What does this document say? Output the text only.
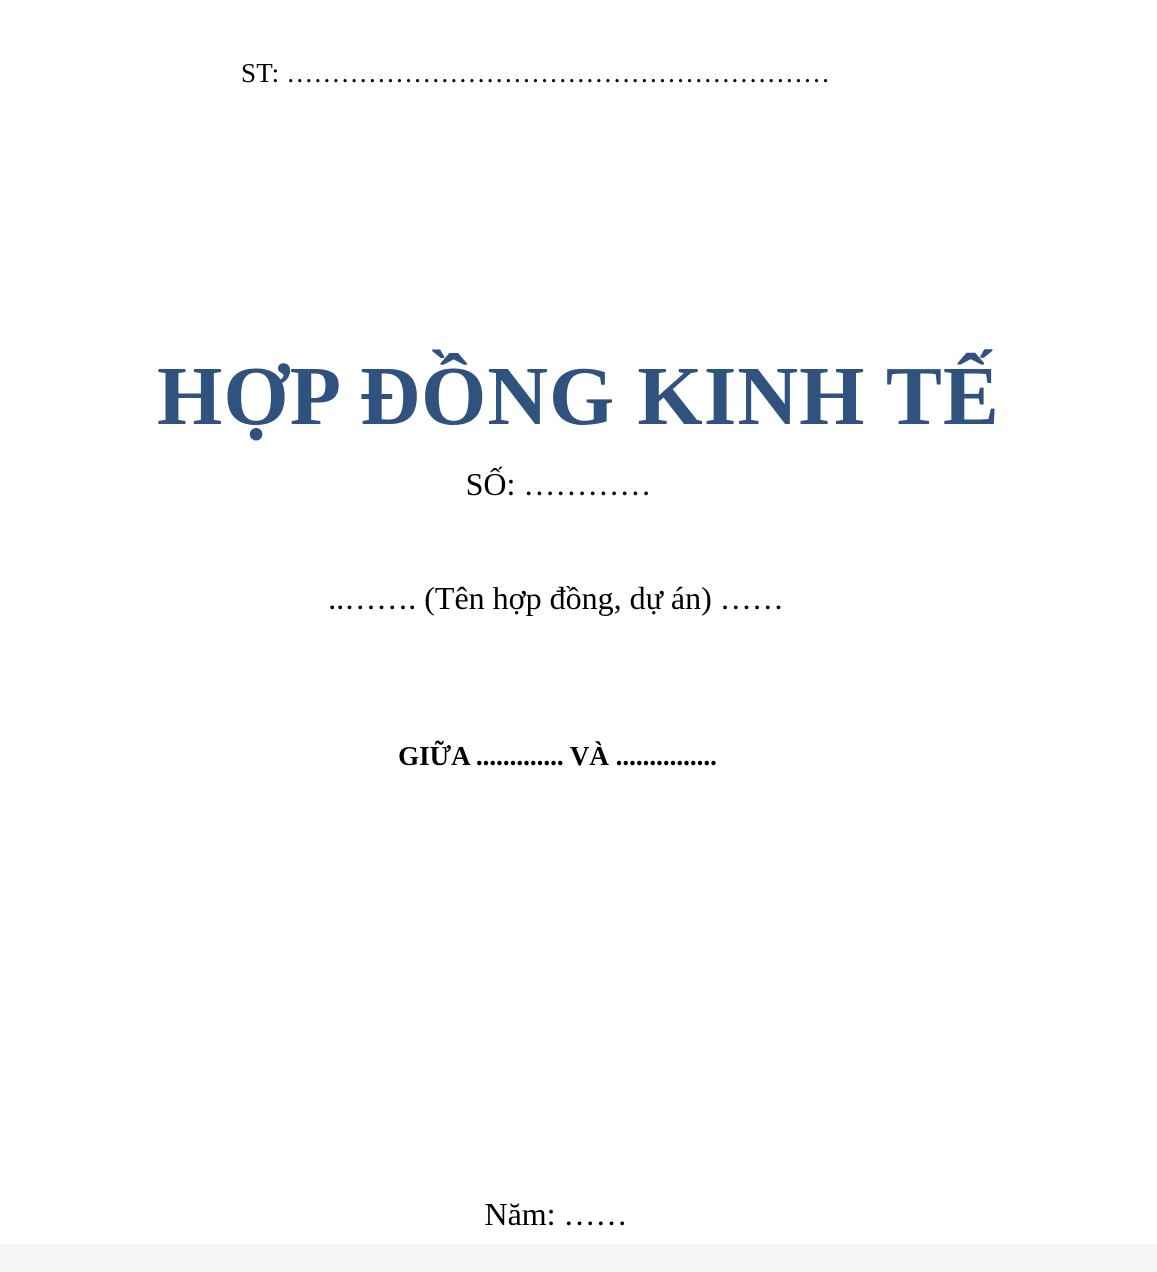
ST: ……………………………………………………
HỢP ĐỒNG KINH TẾ
SỐ: …………
..……. (Tên hợp đồng, dự án) ……
GIỮA ............. VÀ ...............
Năm: ……
